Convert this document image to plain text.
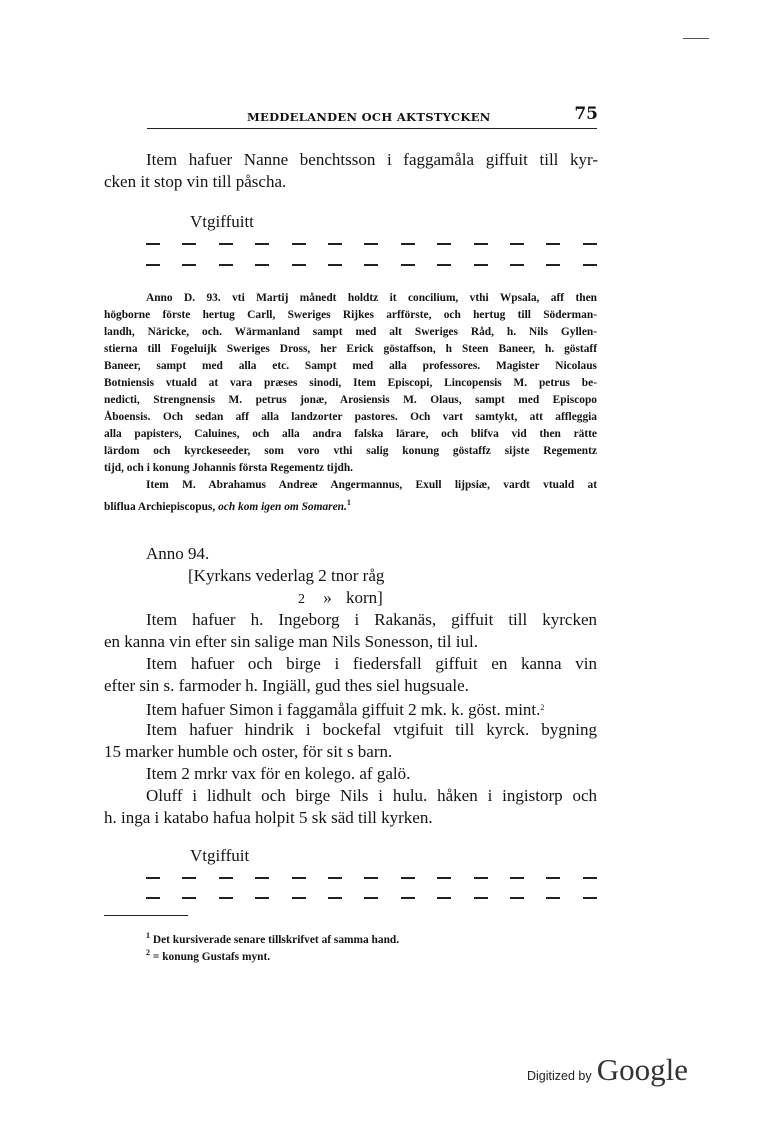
MEDDELANDEN OCH AKTSTYCKEN	75
Item hafuer Nanne benchtsson i faggamåla giffuit till kyr-
cken it stop vin till påscha.
Vtgiffuitt
Anno D. 93. vti Martij månedt holdtz it concilium, vthi Wpsala, aff then
högborne förste hertug Carll, Sweriges Rijkes arfförste, och hertug till Söderman-
landh, Näricke, och. Wärmanland sampt med alt Sweriges Råd, h. Nils Gyllen-
stierna till Fogeluijk Sweriges Dross, her Erick göstaffson, h Steen Baneer, h. göstaff
Baneer, sampt med alla etc. Sampt med alla professores. Magister Nicolaus
Botniensis vtuald at vara præses sinodi, Item Episcopi, Lincopensis M. petrus be-
nedicti, Strengnensis M. petrus jonæ, Arosiensis M. Olaus, sampt med Episcopo
Åboensis. Och sedan aff alla landzorter pastores. Och vart samtykt, att affleggia
alla papisters, Caluines, och alla andra falska lärare, och blifva vid then rätte
lärdom och kyrckeseeder, som voro vthi salig konung göstaffz sijste Regementz
tijd, och i konung Johannis första Regementz tijdh.
Item M. Abrahamus Andreæ Angermannus, Exull lijpsiæ, vardt vtuald at
bliflua Archiepiscopus, och kom igen om Somaren.$^1$
Anno 94.
[Kyrkans vederlag 2 tnor råg
2 » korn]
Item hafuer h. Ingeborg i Rakanäs, giffuit till kyrcken
en kanna vin efter sin salige man Nils Sonesson, til iul.
Item hafuer och birge i fiedersfall giffuit en kanna vin
efter sin s. farmoder h. Ingiäll, gud thes siel hugsuale.
Item hafuer Simon i faggamåla giffuit 2 mk. k. göst. mint.$^2$
Item hafuer hindrik i bockefal vtgifuit till kyrck. bygning
15 marker humble och oster, för sit s barn.
Item 2 mrkr vax för en kolego. af galö.
Oluff i lidhult och birge Nils i hulu. håken i ingistorp och
h. inga i katabo hafua holpit 5 sk säd till kyrken.
Vtgiffuit
$^1$ Det kursiverade senare tillskrifvet af samma hand.
$^2$ = konung Gustafs mynt.
Digitized by Google
